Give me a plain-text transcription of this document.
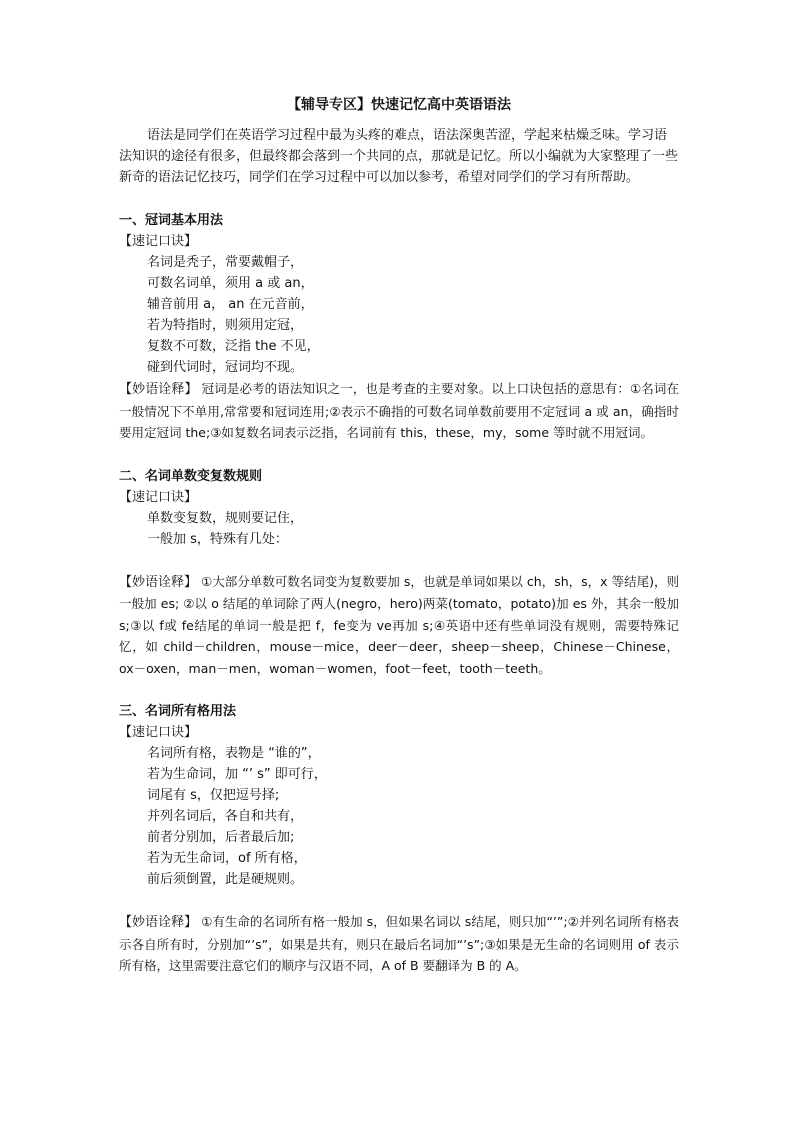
【辅导专区】快速记忆高中英语语法

语法是同学们在英语学习过程中最为头疼的难点，语法深奥苦涩，学起来枯燥乏味。学习语法知识的途径有很多，但最终都会落到一个共同的点，那就是记忆。所以小编就为大家整理了一些新奇的语法记忆技巧，同学们在学习过程中可以加以参考，希望对同学们的学习有所帮助。

一、冠词基本用法

【速记口诀】

名词是秃子，常要戴帽子，
可数名词单，须用 a 或 an，
辅音前用 a， an 在元音前，
若为特指时，则须用定冠，
复数不可数，泛指 the 不见，
碰到代词时，冠词均不现。

【妙语诠释】 冠词是必考的语法知识之一，也是考查的主要对象。以上口诀包括的意思有：①名词在一般情况下不单用,常常要和冠词连用;②表示不确指的可数名词单数前要用不定冠词 a 或 an，确指时要用定冠词 the;③如复数名词表示泛指，名词前有 this，these，my，some 等时就不用冠词。

二、名词单数变复数规则

【速记口诀】

单数变复数，规则要记住，
一般加 s，特殊有几处：

【妙语诠释】 ①大部分单数可数名词变为复数要加 s，也就是单词如果以 ch，sh，s，x 等结尾)，则一般加 es; ②以 o 结尾的单词除了两人(negro，hero)两菜(tomato，potato)加 es 外，其余一般加 s;③以 f或 fe结尾的单词一般是把 f，fe变为 ve再加 s;④英语中还有些单词没有规则，需要特殊记忆，如 child－children，mouse－mice，deer－deer，sheep－sheep，Chinese－Chinese，ox－oxen，man－men，woman－women，foot－feet，tooth－teeth。

三、名词所有格用法

【速记口诀】

名词所有格，表物是 “谁的”，
若为生命词，加 “’ s” 即可行，
词尾有 s，仅把逗号择;
并列名词后，各自和共有，
前者分别加，后者最后加;
若为无生命词，of 所有格，
前后须倒置，此是硬规则。

【妙语诠释】 ①有生命的名词所有格一般加 s，但如果名词以 s结尾，则只加“’”;②并列名词所有格表示各自所有时，分别加“’s”，如果是共有，则只在最后名词加“’s”;③如果是无生命的名词则用 of 表示所有格，这里需要注意它们的顺序与汉语不同，A of B 要翻译为 B 的 A。
